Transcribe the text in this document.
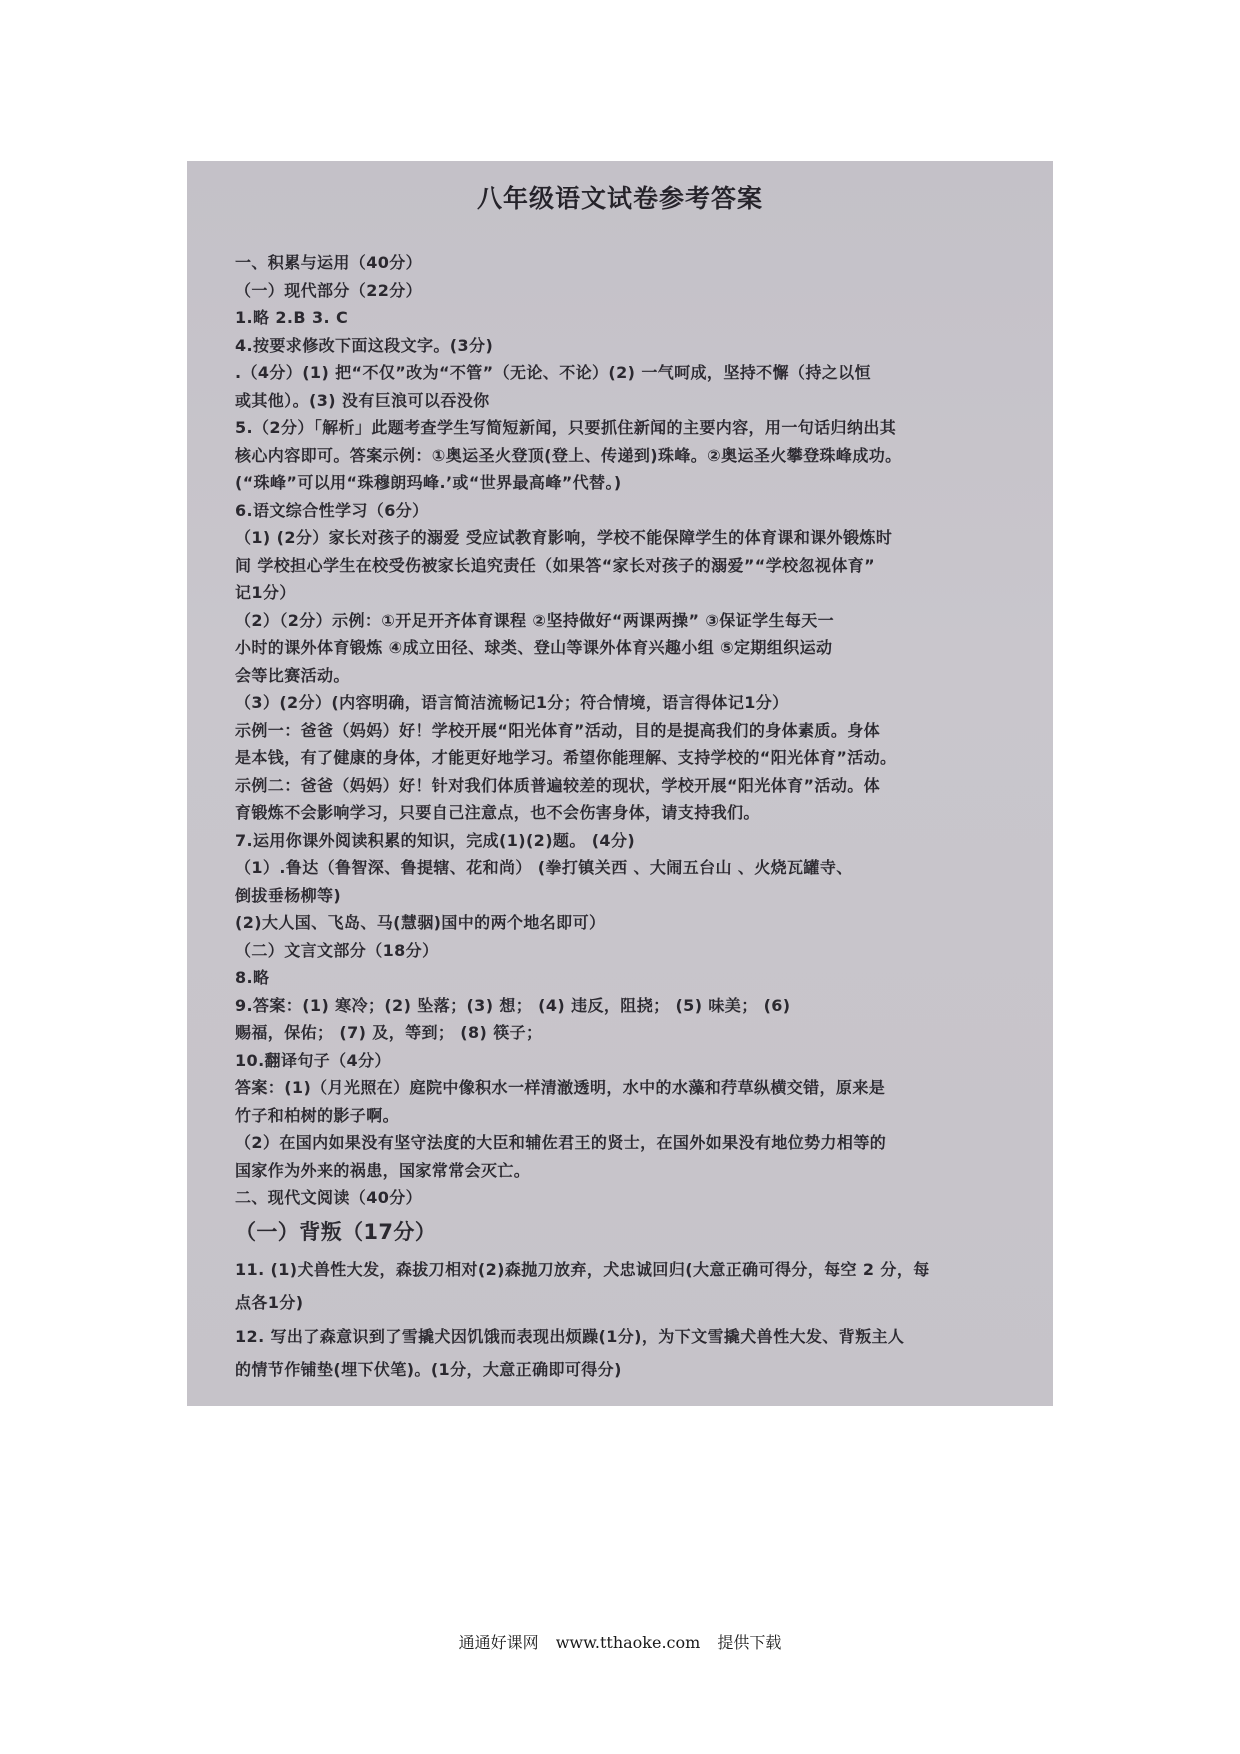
八年级语文试卷参考答案
一、积累与运用（40分）
（一）现代部分（22分）
1.略 2.B 3. C
4.按要求修改下面这段文字。(3分)
.（4分）(1) 把“不仅”改为“不管”（无论、不论）(2) 一气呵成，坚持不懈（持之以恒
或其他）。(3) 没有巨浪可以吞没你
5.（2分）「解析」此题考查学生写简短新闻，只要抓住新闻的主要内容，用一句话归纳出其
核心内容即可。答案示例：①奥运圣火登顶(登上、传递到)珠峰。②奥运圣火攀登珠峰成功。
(“珠峰”可以用“珠穆朗玛峰.’或“世界最高峰”代替。)
6.语文综合性学习（6分）
（1) (2分）家长对孩子的溺爱 受应试教育影响，学校不能保障学生的体育课和课外锻炼时
间 学校担心学生在校受伤被家长追究责任（如果答“家长对孩子的溺爱”“学校忽视体育”
记1分）
（2）（2分）示例：①开足开齐体育课程 ②坚持做好“两课两操” ③保证学生每天一
小时的课外体育锻炼 ④成立田径、球类、登山等课外体育兴趣小组 ⑤定期组织运动
会等比赛活动。
（3）(2分）(内容明确，语言简洁流畅记1分；符合情境，语言得体记1分）
示例一：爸爸（妈妈）好！学校开展“阳光体育”活动，目的是提高我们的身体素质。身体
是本钱，有了健康的身体，才能更好地学习。希望你能理解、支持学校的“阳光体育”活动。
示例二：爸爸（妈妈）好！针对我们体质普遍较差的现状，学校开展“阳光体育”活动。体
育锻炼不会影响学习，只要自己注意点，也不会伤害身体，请支持我们。
7.运用你课外阅读积累的知识，完成(1)(2)题。 (4分)
（1）.鲁达（鲁智深、鲁提辖、花和尚） (拳打镇关西 、大闹五台山 、火烧瓦罐寺、
倒拔垂杨柳等)
(2)大人国、飞岛、马(慧骃)国中的两个地名即可）
（二）文言文部分（18分）
8.略
9.答案：(1) 寒冷；(2) 坠落；(3) 想； (4) 违反，阻挠； (5) 味美； (6)
赐福，保佑； (7) 及，等到； (8) 筷子；
10.翻译句子（4分）
答案：(1)（月光照在）庭院中像积水一样清澈透明，水中的水藻和荇草纵横交错，原来是
竹子和柏树的影子啊。
（2）在国内如果没有坚守法度的大臣和辅佐君王的贤士，在国外如果没有地位势力相等的
国家作为外来的祸患，国家常常会灭亡。
二、现代文阅读（40分）
（一）背叛（17分）
11. (1)犬兽性大发，森拔刀相对(2)森抛刀放弃，犬忠诚回归(大意正确可得分，每空 2 分，每
点各1分)
12. 写出了森意识到了雪撬犬因饥饿而表现出烦躁(1分)，为下文雪撬犬兽性大发、背叛主人
的情节作铺垫(埋下伏笔)。(1分，大意正确即可得分)
通通好课网 www.tthaoke.com 提供下载
